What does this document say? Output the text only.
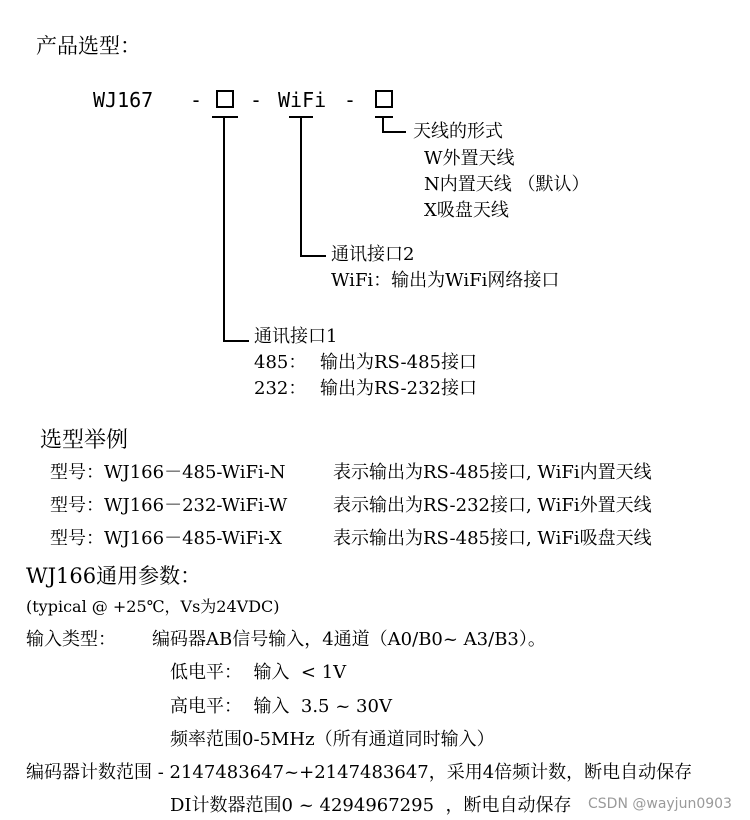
产品选型：
WJ167 - - WiFi -
天线的形式
W外置天线
N内置天线 （默认）
X吸盘天线
通讯接口2
WiFi：输出为WiFi网络接口
通讯接口1
485： 输出为RS-485接口
232： 输出为RS-232接口
选型举例
型号：WJ166－485-WiFi-N	表示输出为RS-485接口, WiFi内置天线
型号：WJ166－232-WiFi-W	表示输出为RS-232接口, WiFi外置天线
型号：WJ166－485-WiFi-X	表示输出为RS-485接口, WiFi吸盘天线
WJ166通用参数：
(typical @ +25℃，Vs为24VDC)
输入类型： 编码器AB信号输入，4通道（A0/B0~ A3/B3）。
低电平：  输入  < 1V
高电平：  输入  3.5 ~ 30V
频率范围0-5MHz（所有通道同时输入）
编码器计数范围 - 2147483647~+2147483647，采用4倍频计数，断电自动保存
DI计数器范围0 ~ 4294967295  ，断电自动保存 CSDN @wayjun0903
